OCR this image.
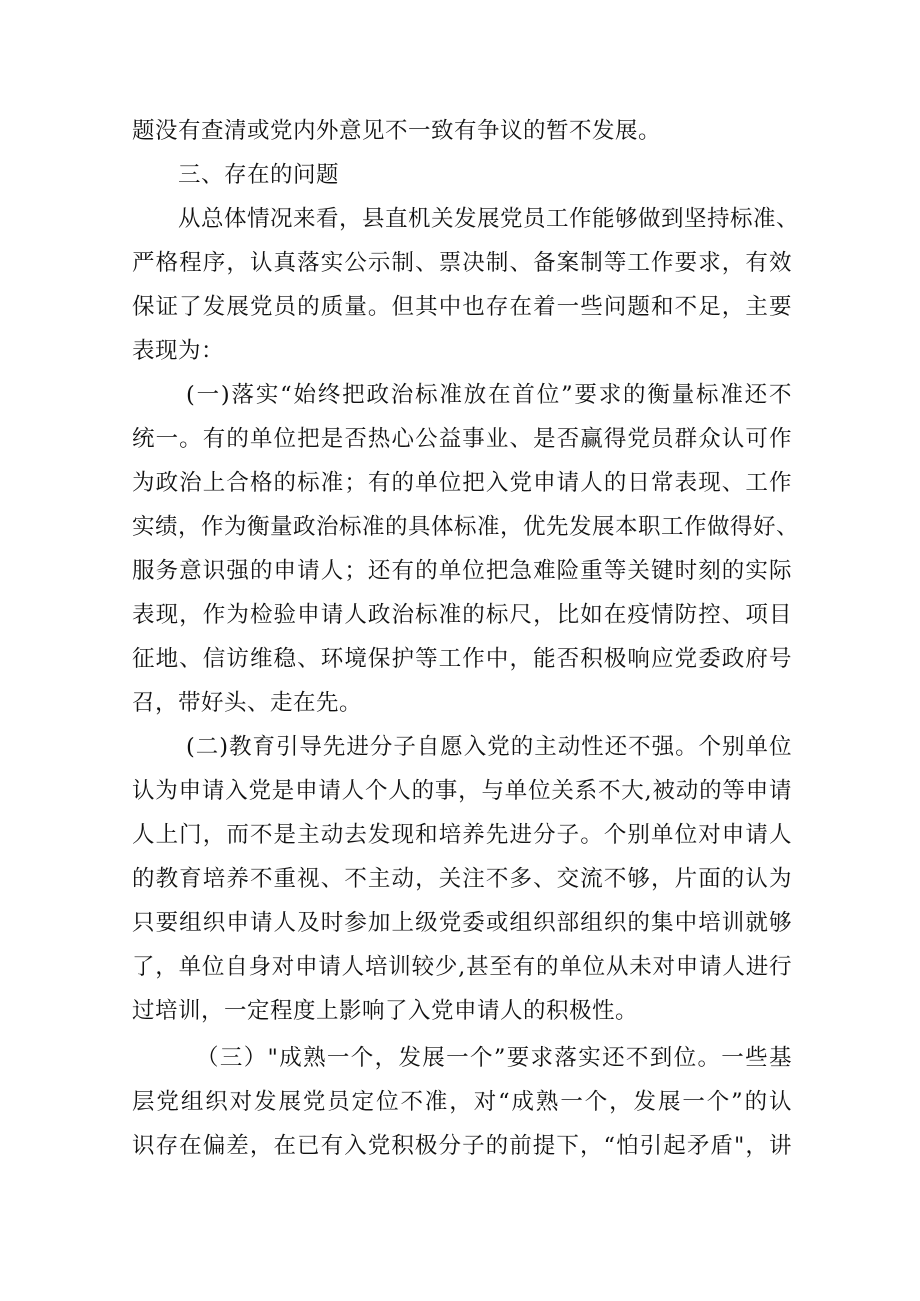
题没有查清或党内外意见不一致有争议的暂不发展。
三、存在的问题
从总体情况来看，县直机关发展党员工作能够做到坚持标准、
严格程序，认真落实公示制、票决制、备案制等工作要求，有效
保证了发展党员的质量。但其中也存在着一些问题和不足，主要
表现为：
(一)落实“始终把政治标准放在首位”要求的衡量标准还不
统一。有的单位把是否热心公益事业、是否赢得党员群众认可作
为政治上合格的标准；有的单位把入党申请人的日常表现、工作
实绩，作为衡量政治标准的具体标准，优先发展本职工作做得好、
服务意识强的申请人；还有的单位把急难险重等关键时刻的实际
表现，作为检验申请人政治标准的标尺，比如在疫情防控、项目
征地、信访维稳、环境保护等工作中，能否积极响应党委政府号
召，带好头、走在先。
(二)教育引导先进分子自愿入党的主动性还不强。个别单位
认为申请入党是申请人个人的事，与单位关系不大,被动的等申请
人上门，而不是主动去发现和培养先进分子。个别单位对申请人
的教育培养不重视、不主动，关注不多、交流不够，片面的认为
只要组织申请人及时参加上级党委或组织部组织的集中培训就够
了，单位自身对申请人培训较少,甚至有的单位从未对申请人进行
过培训，一定程度上影响了入党申请人的积极性。
（三）"成熟一个，发展一个”要求落实还不到位。一些基
层党组织对发展党员定位不准，对“成熟一个，发展一个”的认
识存在偏差，在已有入党积极分子的前提下，“怕引起矛盾"，讲
